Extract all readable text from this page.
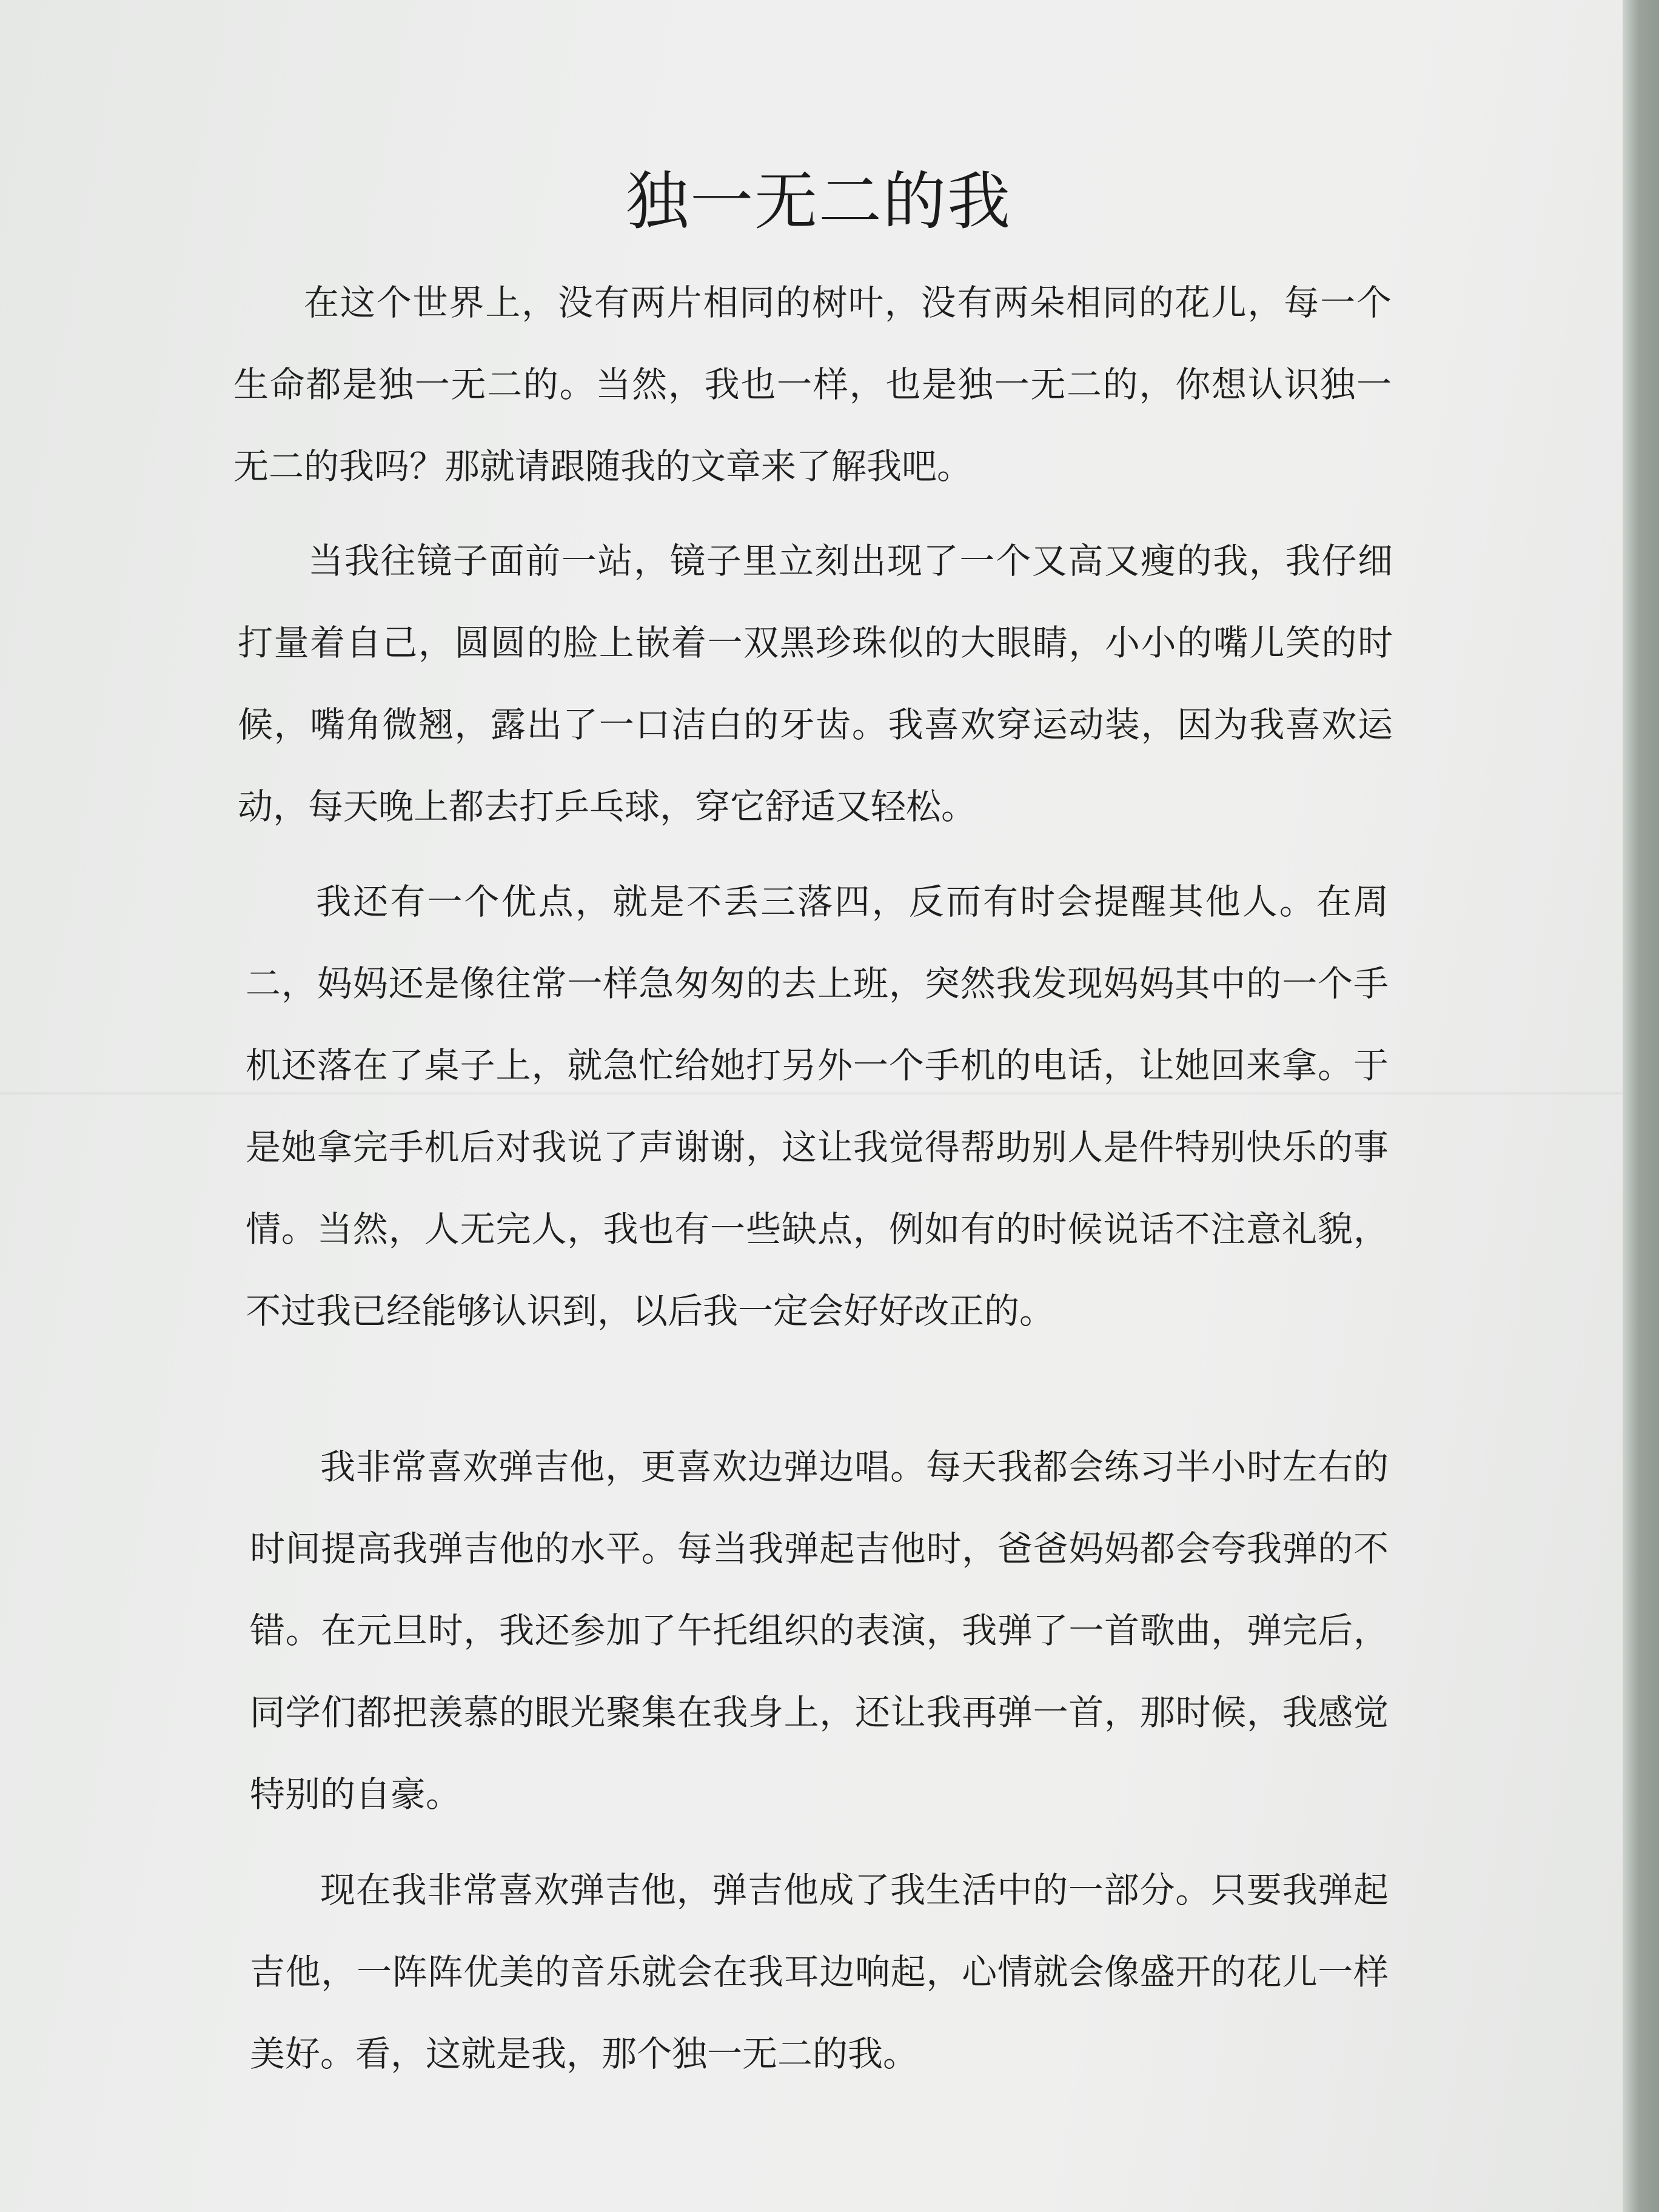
独一无二的我

在这个世界上，没有两片相同的树叶，没有两朵相同的花儿，每一个生命都是独一无二的。当然，我也一样，也是独一无二的，你想认识独一无二的我吗？那就请跟随我的文章来了解我吧。

当我往镜子面前一站，镜子里立刻出现了一个又高又瘦的我，我仔细打量着自己，圆圆的脸上嵌着一双黑珍珠似的大眼睛，小小的嘴儿笑的时候，嘴角微翘，露出了一口洁白的牙齿。我喜欢穿运动装，因为我喜欢运动，每天晚上都去打乒乓球，穿它舒适又轻松。

我还有一个优点，就是不丢三落四，反而有时会提醒其他人。在周二，妈妈还是像往常一样急匆匆的去上班，突然我发现妈妈其中的一个手机还落在了桌子上，就急忙给她打另外一个手机的电话，让她回来拿。于是她拿完手机后对我说了声谢谢，这让我觉得帮助别人是件特别快乐的事情。当然，人无完人，我也有一些缺点，例如有的时候说话不注意礼貌，不过我已经能够认识到，以后我一定会好好改正的。

我非常喜欢弹吉他，更喜欢边弹边唱。每天我都会练习半小时左右的时间提高我弹吉他的水平。每当我弹起吉他时，爸爸妈妈都会夸我弹的不错。在元旦时，我还参加了午托组织的表演，我弹了一首歌曲，弹完后，同学们都把羡慕的眼光聚集在我身上，还让我再弹一首，那时候，我感觉特别的自豪。

现在我非常喜欢弹吉他，弹吉他成了我生活中的一部分。只要我弹起吉他，一阵阵优美的音乐就会在我耳边响起，心情就会像盛开的花儿一样美好。看，这就是我，那个独一无二的我。
